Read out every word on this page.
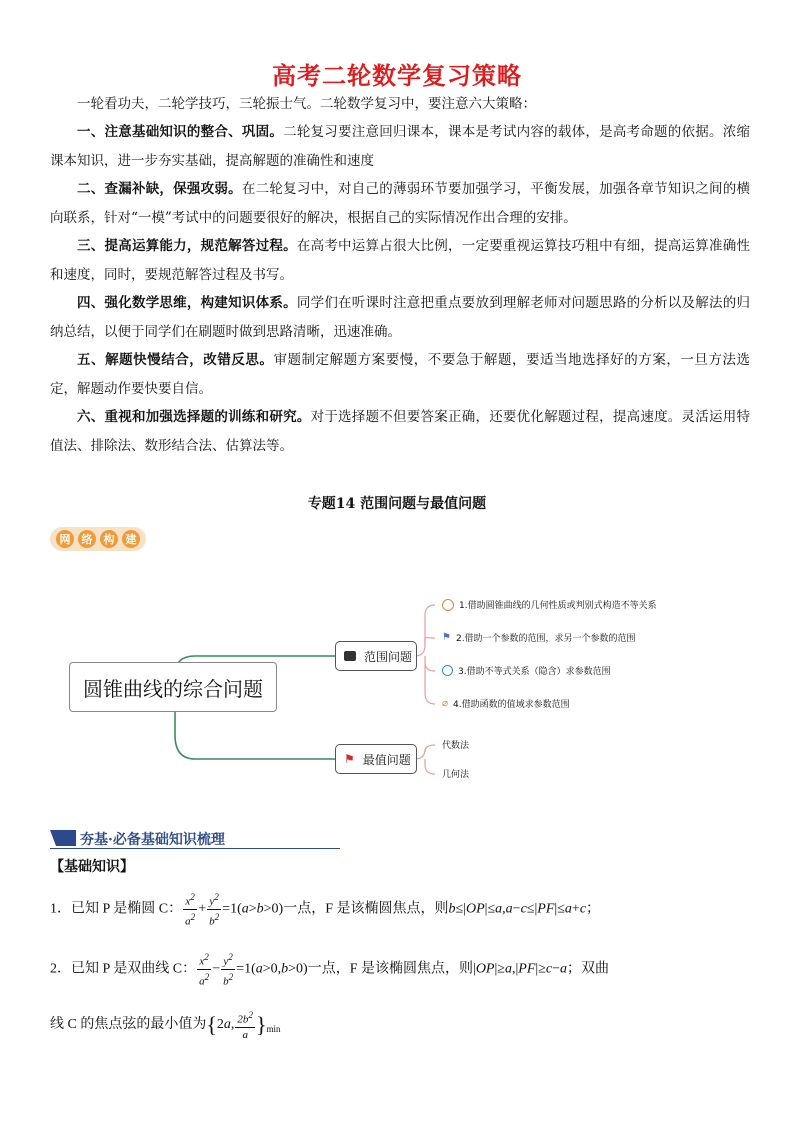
高考二轮数学复习策略
一轮看功夫，二轮学技巧，三轮振士气。二轮数学复习中，要注意六大策略：
一、注意基础知识的整合、巩固。二轮复习要注意回归课本，课本是考试内容的载体，是高考命题的依据。浓缩课本知识，进一步夯实基础，提高解题的准确性和速度
二、查漏补缺，保强攻弱。在二轮复习中，对自己的薄弱环节要加强学习，平衡发展，加强各章节知识之间的横向联系，针对“一模”考试中的问题要很好的解决，根据自己的实际情况作出合理的安排。
三、提高运算能力，规范解答过程。在高考中运算占很大比例，一定要重视运算技巧粗中有细，提高运算准确性和速度，同时，要规范解答过程及书写。
四、强化数学思维，构建知识体系。同学们在听课时注意把重点要放到理解老师对问题思路的分析以及解法的归纳总结，以便于同学们在刷题时做到思路清晰，迅速准确。
五、解题快慢结合，改错反思。审题制定解题方案要慢，不要急于解题，要适当地选择好的方案，一旦方法选定，解题动作要快要自信。
六、重视和加强选择题的训练和研究。对于选择题不但要答案正确，还要优化解题过程，提高速度。灵活运用特值法、排除法、数形结合法、估算法等。
专题14 范围问题与最值问题
网	络	构	建
圆锥曲线的综合问题
范围问题
⚑ 最值问题
1.借助圆锥曲线的几何性质或判别式构造不等关系
⚑ 2.借助一个参数的范围，求另一个参数的范围
3.借助不等式关系（隐含）求参数范围
⌀ 4.借助函数的值域求参数范围
代数法
几何法
夯基·必备基础知识梳理
【基础知识】
1．已知 P 是椭圆 C： $\frac{x^2}{a^2} + \frac{y^2}{b^2} =1(a>b>0)$一点，F 是该椭圆焦点，则b≤|OP|≤a,a−c≤|PF|≤a+c；
2．已知 P 是双曲线 C： $\frac{x^2}{a^2} - \frac{y^2}{b^2} =1(a>0,b>0)$一点，F 是该椭圆焦点，则|OP|≥a,|PF|≥c−a；双曲
线 C 的焦点弦的最小值为{2a, $\frac{2b^2}{a} \}_{min}$
